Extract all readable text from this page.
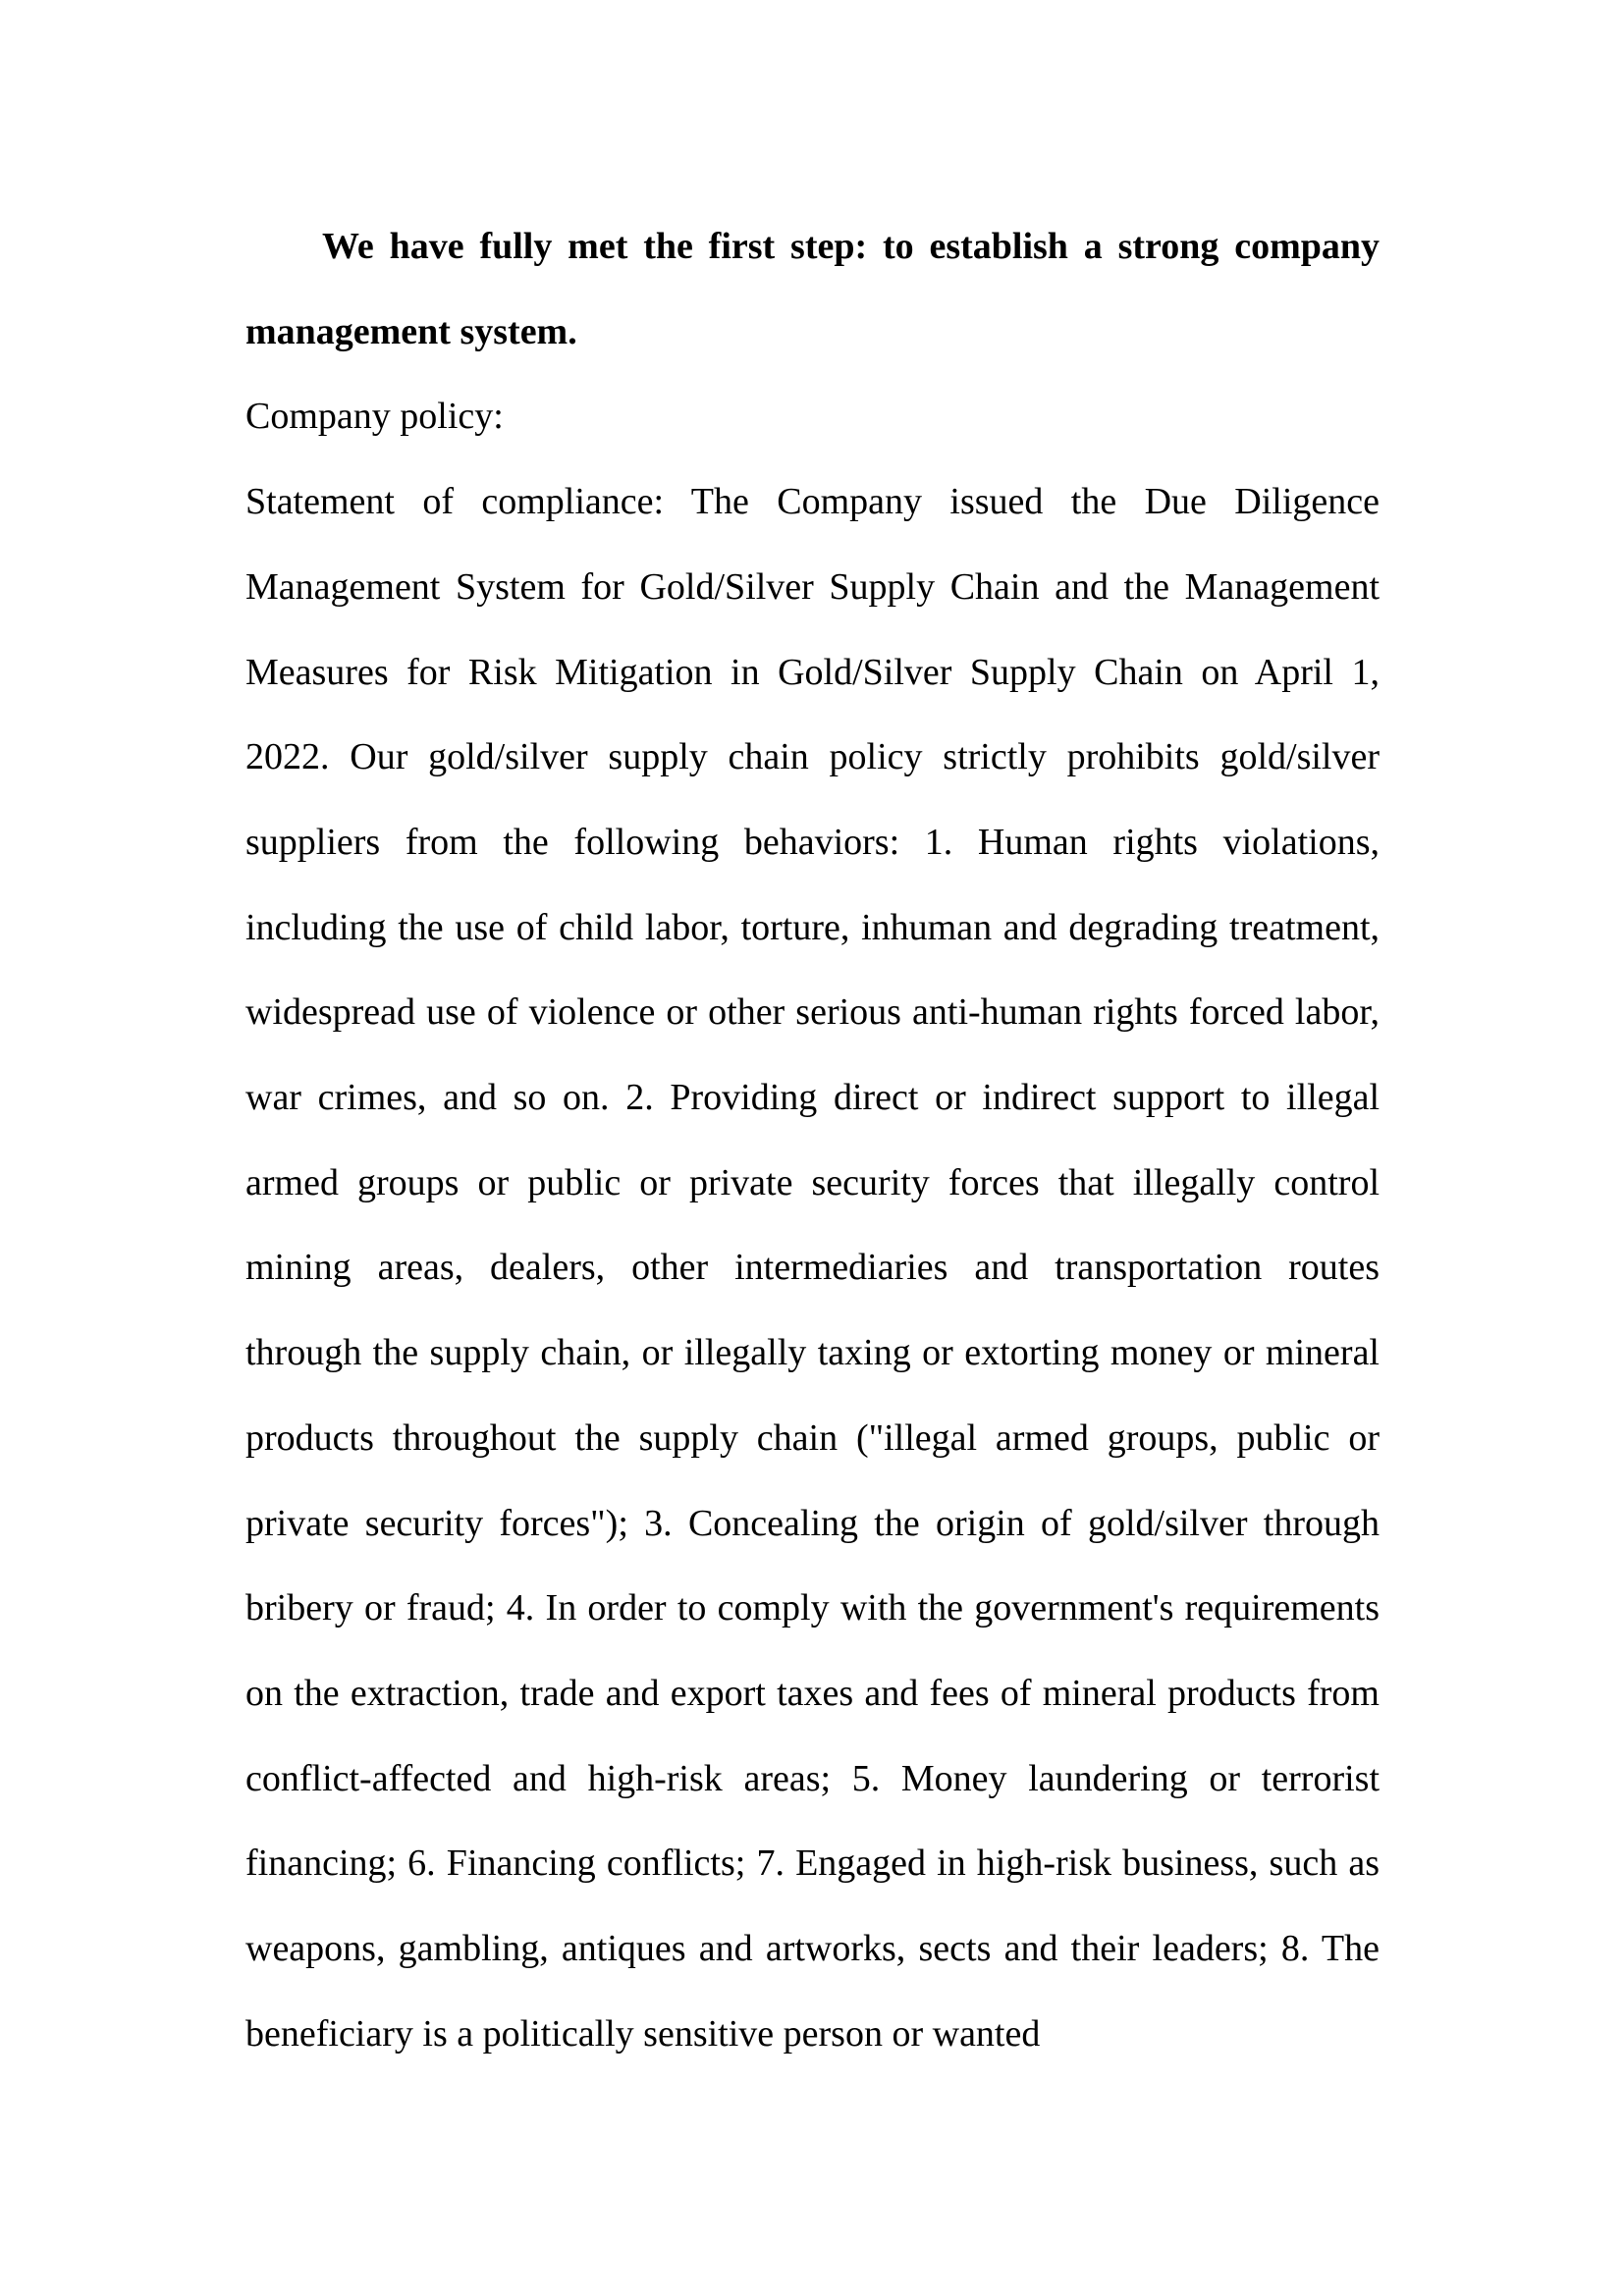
We have fully met the first step: to establish a strong company management system.

Company policy:

Statement of compliance: The Company issued the Due Diligence Management System for Gold/Silver Supply Chain and the Management Measures for Risk Mitigation in Gold/Silver Supply Chain on April 1, 2022. Our gold/silver supply chain policy strictly prohibits gold/silver suppliers from the following behaviors: 1. Human rights violations, including the use of child labor, torture, inhuman and degrading treatment, widespread use of violence or other serious anti-human rights forced labor, war crimes, and so on. 2. Providing direct or indirect support to illegal armed groups or public or private security forces that illegally control mining areas, dealers, other intermediaries and transportation routes through the supply chain, or illegally taxing or extorting money or mineral products throughout the supply chain ("illegal armed groups, public or private security forces"); 3. Concealing the origin of gold/silver through bribery or fraud; 4. In order to comply with the government's requirements on the extraction, trade and export taxes and fees of mineral products from conflict-affected and high-risk areas; 5. Money laundering or terrorist financing; 6. Financing conflicts; 7. Engaged in high-risk business, such as weapons, gambling, antiques and artworks, sects and their leaders; 8. The beneficiary is a politically sensitive person or wanted
